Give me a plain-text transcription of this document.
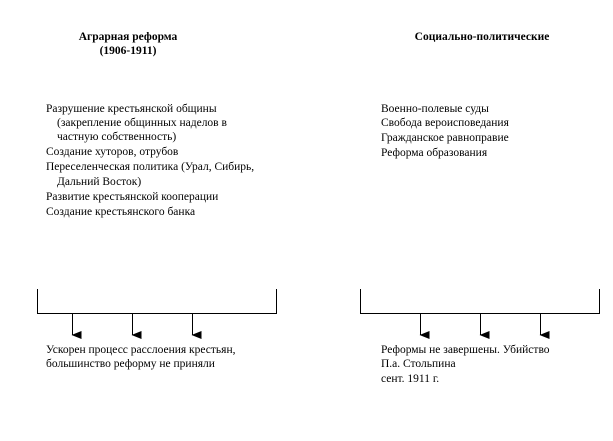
Аграрная реформа
(1906-1911)
Социально-политические
Разрушение крестьянской общины
(закрепление общинных наделов в
частную собственность)
Создание хуторов, отрубов
Переселенческая политика (Урал, Сибирь,
Дальний Восток)
Развитие крестьянской кооперации
Создание крестьянского банка
Военно-полевые суды
Свобода вероисповедания
Гражданское равноправие
Реформа образования
Ускорен процесс расслоения крестьян,
большинство реформу не приняли
Реформы не завершены. Убийство
П.а. Стольпина
сент. 1911 г.
